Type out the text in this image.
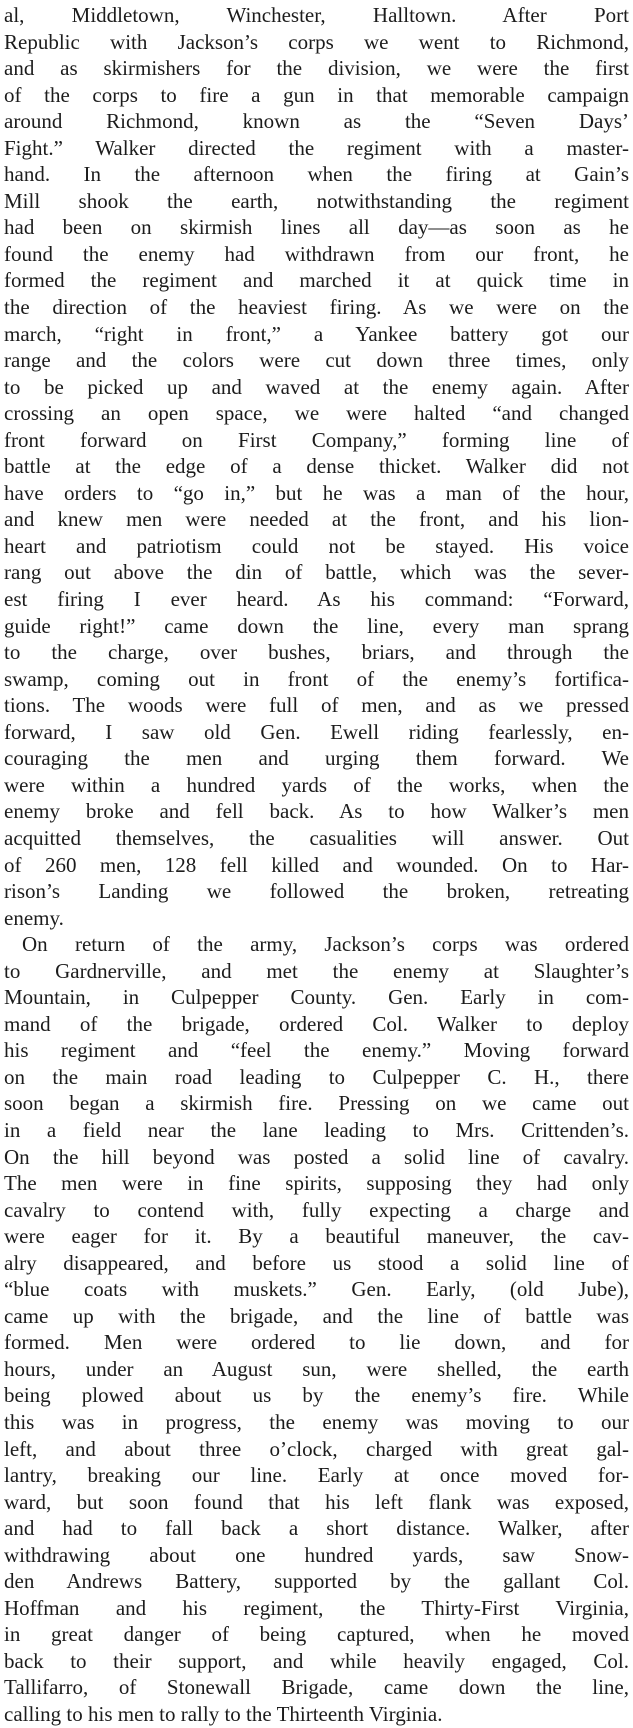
al, Middletown, Winchester, Halltown. After Port
Republic with Jackson’s corps we went to Richmond,
and as skirmishers for the division, we were the first
of the corps to fire a gun in that memorable campaign
around Richmond, known as the “Seven Days’
Fight.” Walker directed the regiment with a master-
hand. In the afternoon when the firing at Gain’s
Mill shook the earth, notwithstanding the regiment
had been on skirmish lines all day—as soon as he
found the enemy had withdrawn from our front, he
formed the regiment and marched it at quick time in
the direction of the heaviest firing. As we were on the
march, “right in front,” a Yankee battery got our
range and the colors were cut down three times, only
to be picked up and waved at the enemy again. After
crossing an open space, we were halted “and changed
front forward on First Company,” forming line of
battle at the edge of a dense thicket. Walker did not
have orders to “go in,” but he was a man of the hour,
and knew men were needed at the front, and his lion-
heart and patriotism could not be stayed. His voice
rang out above the din of battle, which was the sever-
est firing I ever heard. As his command: “Forward,
guide right!” came down the line, every man sprang
to the charge, over bushes, briars, and through the
swamp, coming out in front of the enemy’s fortifica-
tions. The woods were full of men, and as we pressed
forward, I saw old Gen. Ewell riding fearlessly, en-
couraging the men and urging them forward. We
were within a hundred yards of the works, when the
enemy broke and fell back. As to how Walker’s men
acquitted themselves, the casualities will answer. Out
of 260 men, 128 fell killed and wounded. On to Har-
rison’s Landing we followed the broken, retreating
enemy.
On return of the army, Jackson’s corps was ordered
to Gardnerville, and met the enemy at Slaughter’s
Mountain, in Culpepper County. Gen. Early in com-
mand of the brigade, ordered Col. Walker to deploy
his regiment and “feel the enemy.” Moving forward
on the main road leading to Culpepper C. H., there
soon began a skirmish fire. Pressing on we came out
in a field near the lane leading to Mrs. Crittenden’s.
On the hill beyond was posted a solid line of cavalry.
The men were in fine spirits, supposing they had only
cavalry to contend with, fully expecting a charge and
were eager for it. By a beautiful maneuver, the cav-
alry disappeared, and before us stood a solid line of
“blue coats with muskets.” Gen. Early, (old Jube),
came up with the brigade, and the line of battle was
formed. Men were ordered to lie down, and for
hours, under an August sun, were shelled, the earth
being plowed about us by the enemy’s fire. While
this was in progress, the enemy was moving to our
left, and about three o’clock, charged with great gal-
lantry, breaking our line. Early at once moved for-
ward, but soon found that his left flank was exposed,
and had to fall back a short distance. Walker, after
withdrawing about one hundred yards, saw Snow-
den Andrews Battery, supported by the gallant Col.
Hoffman and his regiment, the Thirty-First Virginia,
in great danger of being captured, when he moved
back to their support, and while heavily engaged, Col.
Tallifarro, of Stonewall Brigade, came down the line,
calling to his men to rally to the Thirteenth Virginia.
